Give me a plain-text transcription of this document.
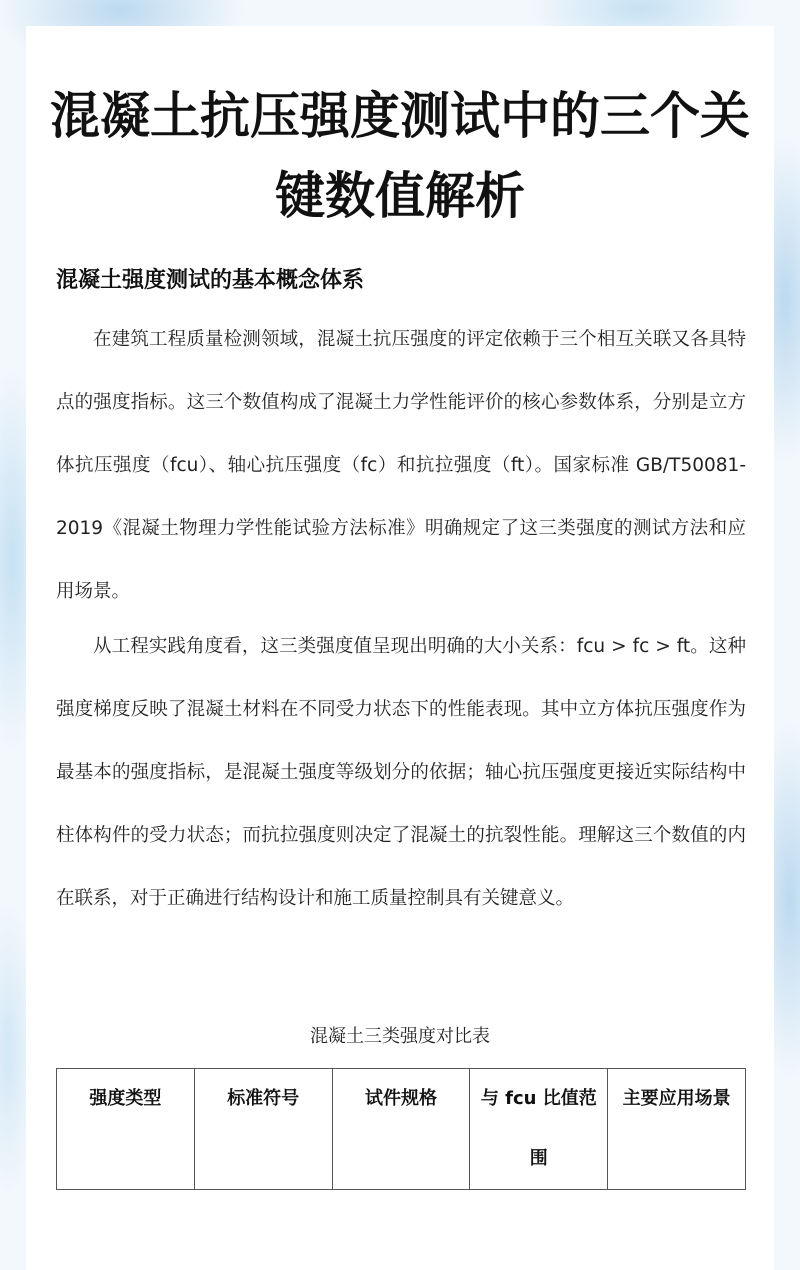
混凝土抗压强度测试中的三个关键数值解析
混凝土强度测试的基本概念体系

在建筑工程质量检测领域，混凝土抗压强度的评定依赖于三个相互关联又各具特点的强度指标。这三个数值构成了混凝土力学性能评价的核心参数体系，分别是立方体抗压强度（fcu）、轴心抗压强度（fc）和抗拉强度（ft）。国家标准 GB/T50081-2019《混凝土物理力学性能试验方法标准》明确规定了这三类强度的测试方法和应用场景。

从工程实践角度看，这三类强度值呈现出明确的大小关系：fcu > fc > ft。这种强度梯度反映了混凝土材料在不同受力状态下的性能表现。其中立方体抗压强度作为最基本的强度指标，是混凝土强度等级划分的依据；轴心抗压强度更接近实际结构中柱体构件的受力状态；而抗拉强度则决定了混凝土的抗裂性能。理解这三个数值的内在联系，对于正确进行结构设计和施工质量控制具有关键意义。

混凝土三类强度对比表

强度类型	标准符号	试件规格	与 fcu 比值范围	主要应用场景
